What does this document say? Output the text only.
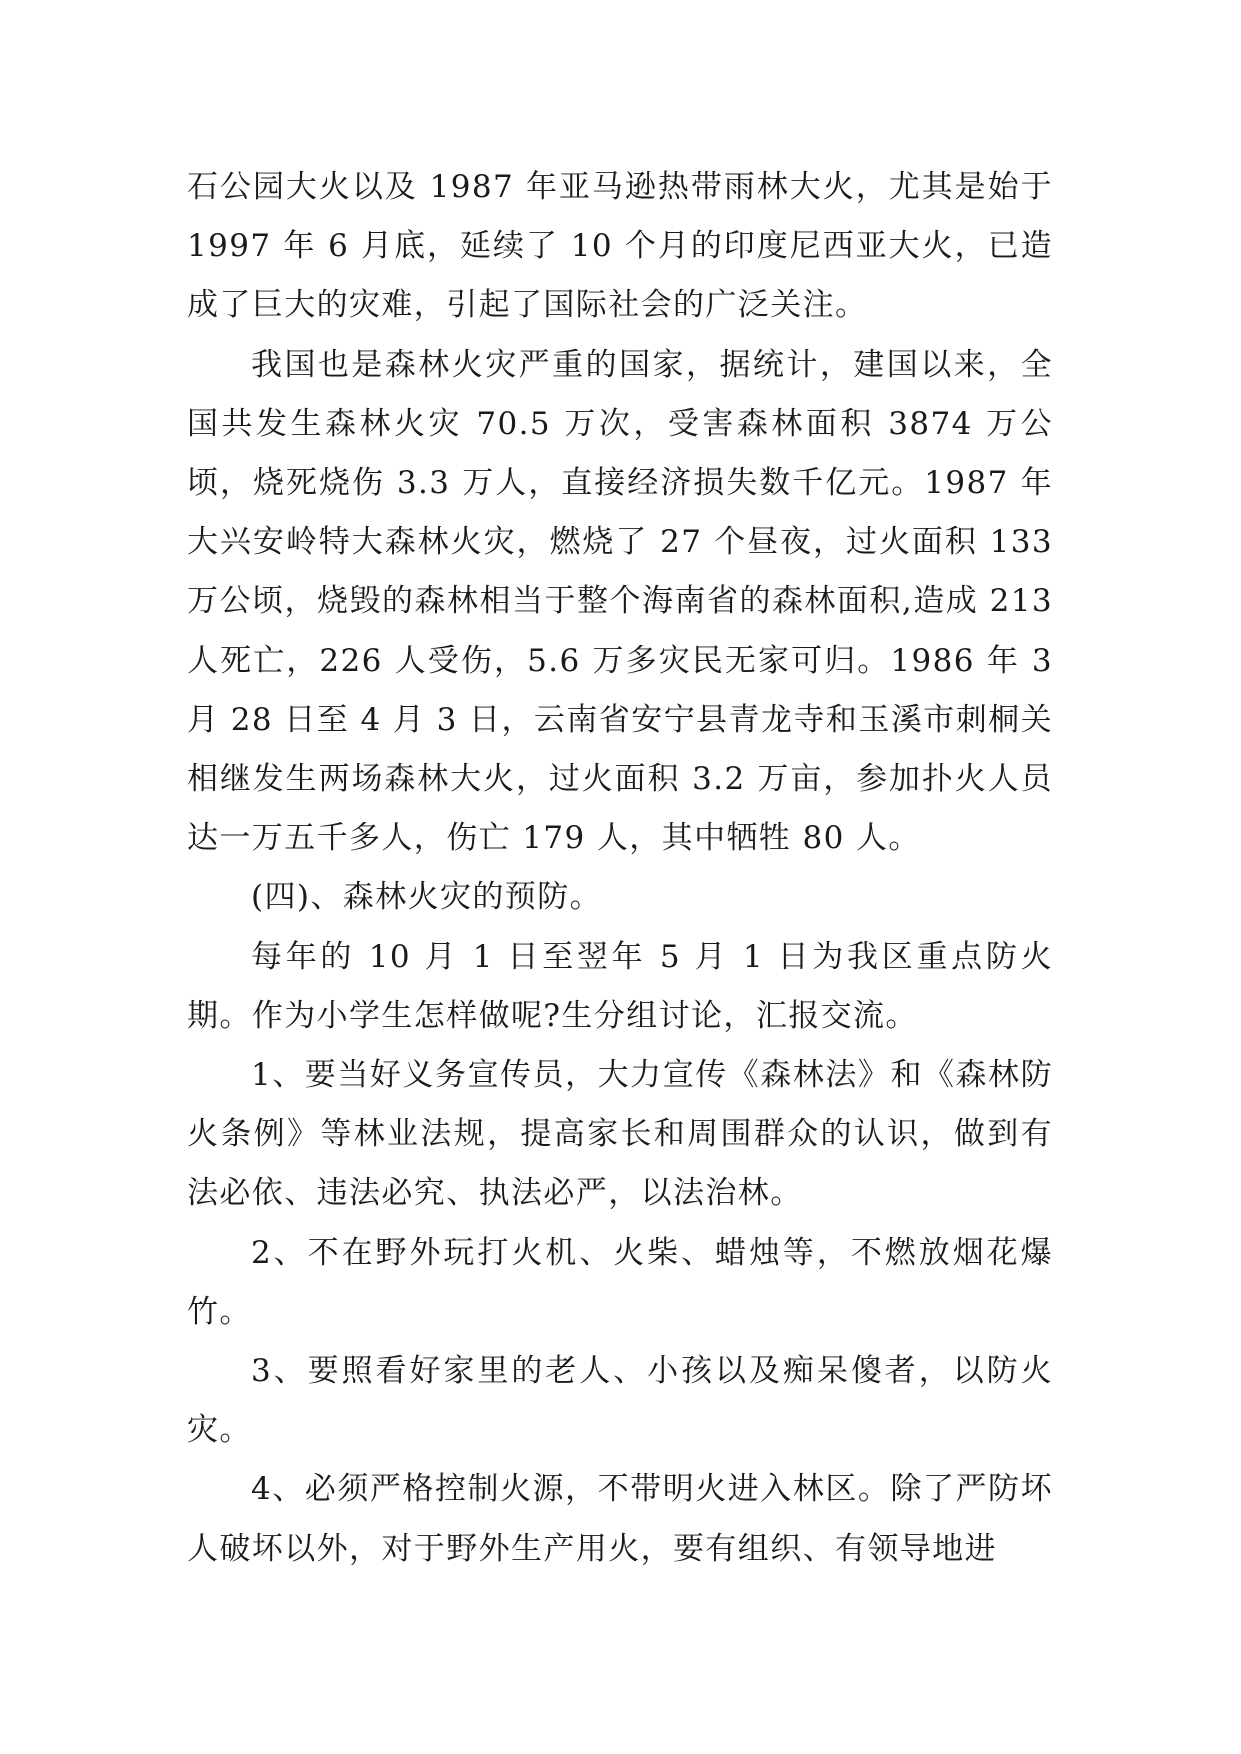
石公园大火以及 1987 年亚马逊热带雨林大火，尤其是始于 1997 年 6 月底，延续了 10 个月的印度尼西亚大火，已造成了巨大的灾难，引起了国际社会的广泛关注。

我国也是森林火灾严重的国家，据统计，建国以来，全国共发生森林火灾 70.5 万次，受害森林面积 3874 万公顷，烧死烧伤 3.3 万人，直接经济损失数千亿元。1987 年大兴安岭特大森林火灾，燃烧了 27 个昼夜，过火面积 133 万公顷，烧毁的森林相当于整个海南省的森林面积,造成 213 人死亡，226 人受伤，5.6 万多灾民无家可归。1986 年 3 月 28 日至 4 月 3 日，云南省安宁县青龙寺和玉溪市刺桐关相继发生两场森林大火，过火面积 3.2 万亩，参加扑火人员达一万五千多人，伤亡 179 人，其中牺牲 80 人。

(四)、森林火灾的预防。

每年的 10 月 1 日至翌年 5 月 1 日为我区重点防火期。作为小学生怎样做呢?生分组讨论，汇报交流。

1、要当好义务宣传员，大力宣传《森林法》和《森林防火条例》等林业法规，提高家长和周围群众的认识，做到有法必依、违法必究、执法必严，以法治林。

2、不在野外玩打火机、火柴、蜡烛等，不燃放烟花爆竹。

3、要照看好家里的老人、小孩以及痴呆傻者，以防火灾。

4、必须严格控制火源，不带明火进入林区。除了严防坏人破坏以外，对于野外生产用火，要有组织、有领导地进
